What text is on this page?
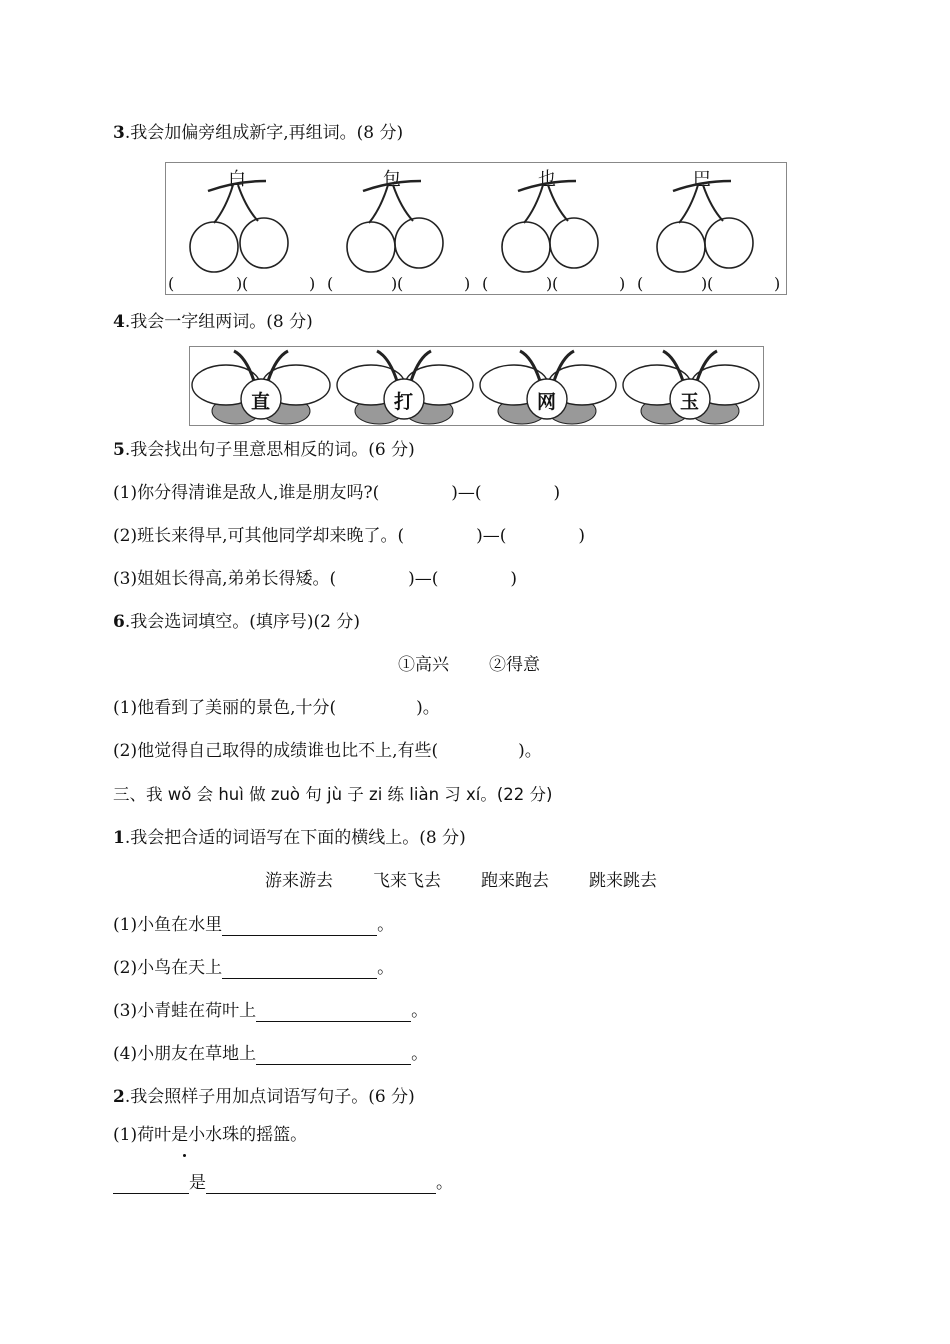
3.我会加偏旁组成新字,再组词。(8 分)
白
(	) (	)
包
(	) (	)
也
(	) (	)
巴
(	) (	)
4.我会一字组两词。(8 分)
直	打	网	玉
5.我会找出句子里意思相反的词。(6 分)
(1)你分得清谁是敌人,谁是朋友吗?(	)—(	)
(2)班长来得早,可其他同学却来晚了。(	)—(	)
(3)姐姐长得高,弟弟长得矮。(	)—(	)
6.我会选词填空。(填序号)(2 分)
①高兴 ②得意
(1)他看到了美丽的景色,十分(	)。
(2)他觉得自己取得的成绩谁也比不上,有些(	)。
三、我 wǒ 会 huì 做 zuò 句 jù 子 zi 练 liàn 习 xí。(22 分)
1.我会把合适的词语写在下面的横线上。(8 分)
游来游去 飞来飞去 跑来跑去 跳来跳去
(1)小鱼在水里	。
(2)小鸟在天上	。
(3)小青蛙在荷叶上	。
(4)小朋友在草地上	。
2.我会照样子用加点词语写句子。(6 分)
(1)荷叶是小水珠的摇篮。
是	。
